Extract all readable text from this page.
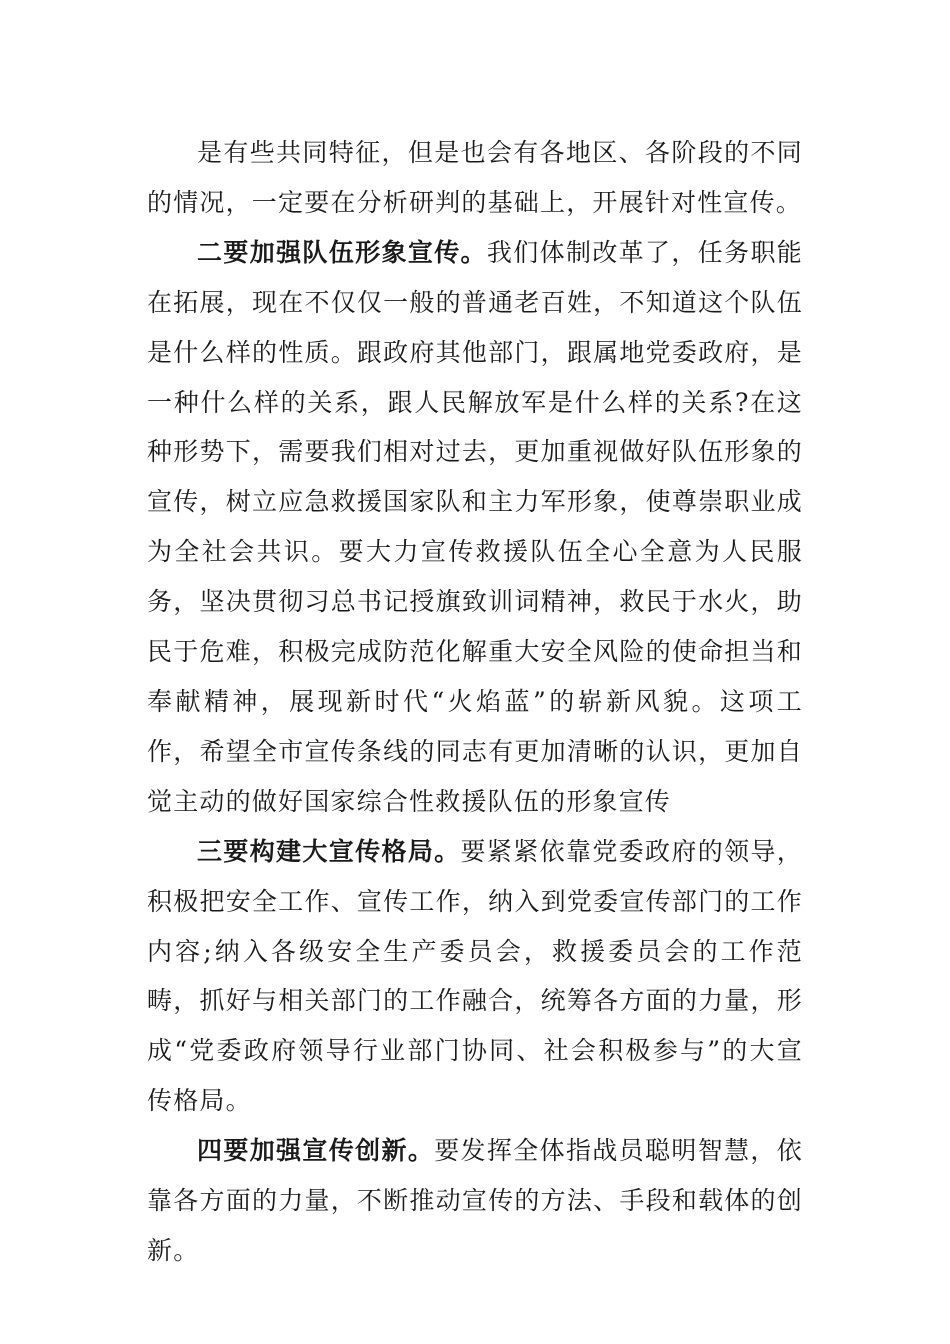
是有些共同特征，但是也会有各地区、各阶段的不同的情况，一定要在分析研判的基础上，开展针对性宣传。

二要加强队伍形象宣传。我们体制改革了，任务职能在拓展，现在不仅仅一般的普通老百姓，不知道这个队伍是什么样的性质。跟政府其他部门，跟属地党委政府，是一种什么样的关系，跟人民解放军是什么样的关系?在这种形势下，需要我们相对过去，更加重视做好队伍形象的宣传，树立应急救援国家队和主力军形象，使尊崇职业成为全社会共识。要大力宣传救援队伍全心全意为人民服务，坚决贯彻习总书记授旗致训词精神，救民于水火，助民于危难，积极完成防范化解重大安全风险的使命担当和奉献精神，展现新时代“火焰蓝”的崭新风貌。这项工作，希望全市宣传条线的同志有更加清晰的认识，更加自觉主动的做好国家综合性救援队伍的形象宣传

三要构建大宣传格局。要紧紧依靠党委政府的领导，积极把安全工作、宣传工作，纳入到党委宣传部门的工作内容;纳入各级安全生产委员会，救援委员会的工作范畴，抓好与相关部门的工作融合，统筹各方面的力量，形成“党委政府领导行业部门协同、社会积极参与”的大宣传格局。

四要加强宣传创新。要发挥全体指战员聪明智慧，依靠各方面的力量，不断推动宣传的方法、手段和载体的创新。
